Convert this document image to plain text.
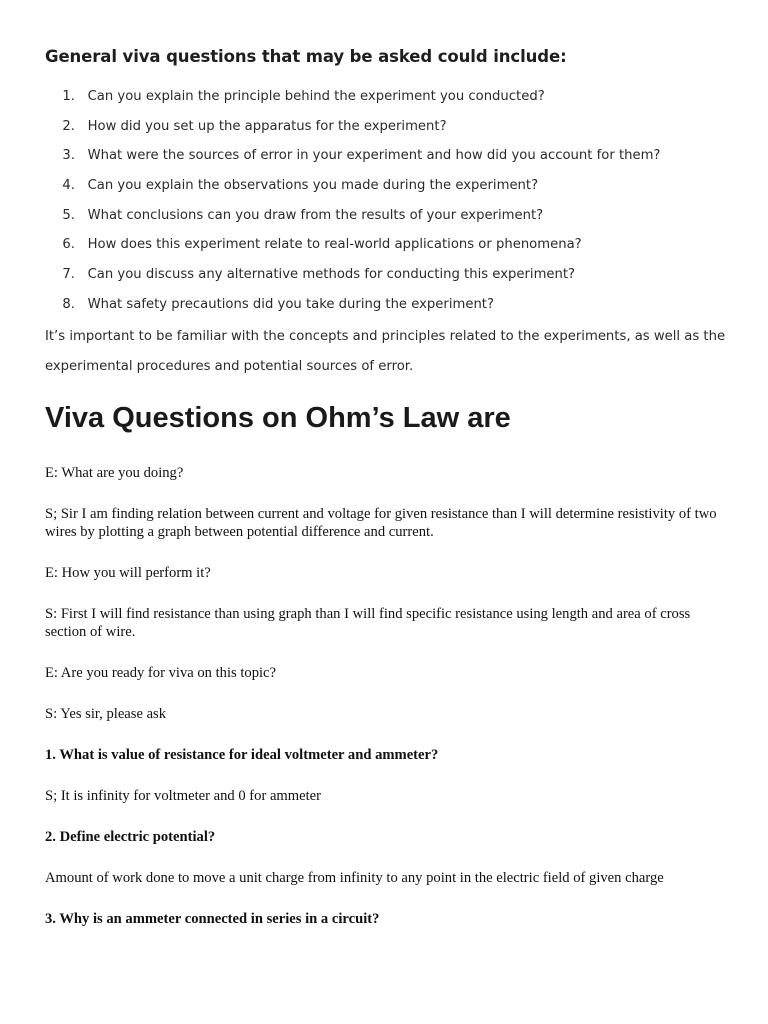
General viva questions that may be asked could include:
1. Can you explain the principle behind the experiment you conducted?
2. How did you set up the apparatus for the experiment?
3. What were the sources of error in your experiment and how did you account for them?
4. Can you explain the observations you made during the experiment?
5. What conclusions can you draw from the results of your experiment?
6. How does this experiment relate to real-world applications or phenomena?
7. Can you discuss any alternative methods for conducting this experiment?
8. What safety precautions did you take during the experiment?

It’s important to be familiar with the concepts and principles related to the experiments, as well as the experimental procedures and potential sources of error.

Viva Questions on Ohm’s Law are

E: What are you doing?

S; Sir I am finding relation between current and voltage for given resistance than I will determine resistivity of two wires by plotting a graph between potential difference and current.

E: How you will perform it?

S: First I will find resistance than using graph than I will find specific resistance using length and area of cross section of wire.

E: Are you ready for viva on this topic?

S: Yes sir, please ask

1. What is value of resistance for ideal voltmeter and ammeter?

S; It is infinity for voltmeter and 0 for ammeter

2. Define electric potential?

Amount of work done to move a unit charge from infinity to any point in the electric field of given charge

3. Why is an ammeter connected in series in a circuit?
